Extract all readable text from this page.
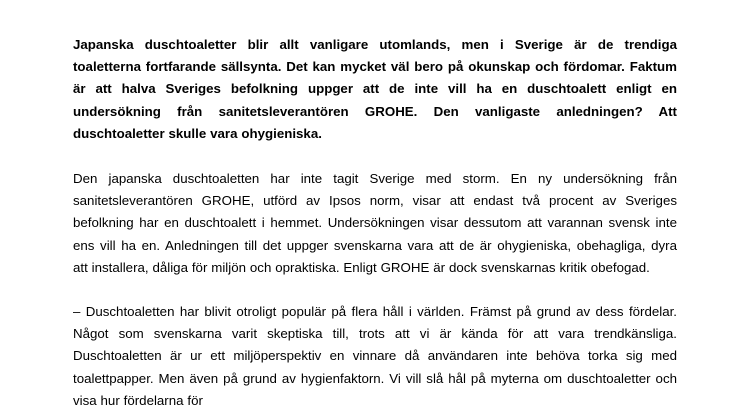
Japanska duschtoaletter blir allt vanligare utomlands, men i Sverige är de trendiga
toaletterna fortfarande sällsynta. Det kan mycket väl bero på okunskap och fördomar. Faktum
är att halva Sveriges befolkning uppger att de inte vill ha en duschtoalett enligt en
undersökning från sanitetsleverantören GROHE. Den vanligaste anledningen? Att
duschtoaletter skulle vara ohygieniska.

Den japanska duschtoaletten har inte tagit Sverige med storm. En ny undersökning från
sanitetsleverantören GROHE, utförd av Ipsos norm, visar att endast två procent av Sveriges
befolkning har en duschtoalett i hemmet. Undersökningen visar dessutom att varannan svensk inte
ens vill ha en. Anledningen till det uppger svenskarna vara att de är ohygieniska, obehagliga, dyra
att installera, dåliga för miljön och opraktiska. Enligt GROHE är dock svenskarnas kritik obefogad.

– Duschtoaletten har blivit otroligt populär på flera håll i världen. Främst på grund av dess fördelar.
Något som svenskarna varit skeptiska till, trots att vi är kända för att vara trendkänsliga.
Duschtoaletten är ur ett miljöperspektiv en vinnare då användaren inte behöva torka sig med
toalettpapper. Men även på grund av hygienfaktorn. Vi vill slå hål på myterna om duschtoaletter och
visa hur fördelarna för
